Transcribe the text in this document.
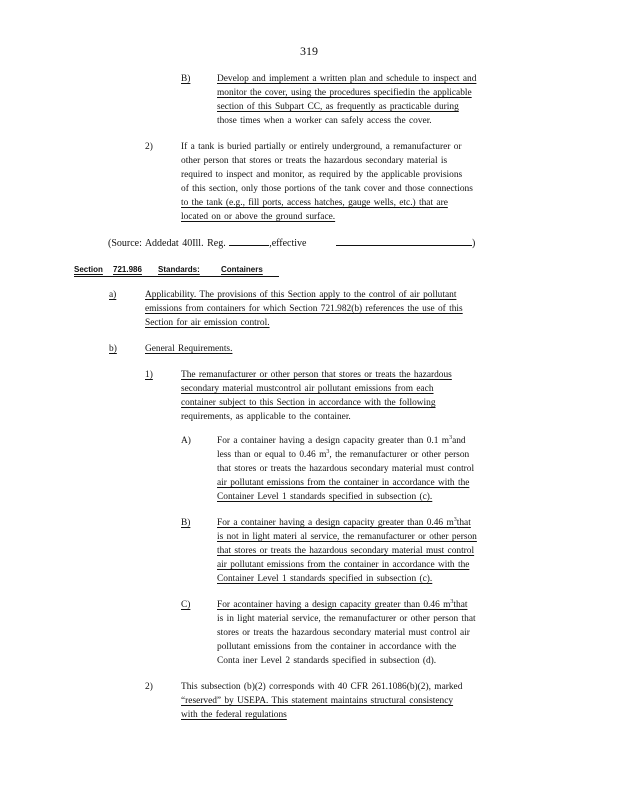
319
B)	Develop and implement a written plan and schedule to inspect and
monitor the cover, using the procedures specifiedin the applicable
section of this Subpart CC, as frequently as practicable during
those times when a worker can safely access the cover.
2)	If a tank is buried partially or entirely underground, a remanufacturer or
other person that stores or treats the hazardous secondary material is
required to inspect and monitor, as required by the applicable provisions
of this section, only those portions of the tank cover and those connections
to the tank (e.g., fill ports, access hatches, gauge wells, etc.) that are
located on or above the ground surface.
(Source: Addedat 40Ill. Reg.	,effective	)
Section 721.986 Standards:	Containers
a)	Applicability. The provisions of this Section apply to the control of air pollutant
emissions from containers for which Section 721.982(b) references the use of this
Section for air emission control.
b)	General Requirements.
1)	The remanufacturer or other person that stores or treats the hazardous
secondary material mustcontrol air pollutant emissions from each
container subject to this Section in accordance with the following
requirements, as applicable to the container.
A)	For a container having a design capacity greater than 0.1 $m^3and$
less than or equal to 0.46 $m^3$, the remanufacturer or other person
that stores or treats the hazardous secondary material must control
air pollutant emissions from the container in accordance with the
Container Level 1 standards specified in subsection (c).
B)	For a container having a design capacity greater than 0.46 $m^3that$
is not in light materi al service, the remanufacturer or other person
that stores or treats the hazardous secondary material must control
air pollutant emissions from the container in accordance with the
Container Level 1 standards specified in subsection (c).
C)	For acontainer having a design capacity greater than 0.46 $m^3that$
is in light material service, the remanufacturer or other person that
stores or treats the hazardous secondary material must control air
pollutant emissions from the container in accordance with the
Conta iner Level 2 standards specified in subsection (d).
2)	This subsection (b)(2) corresponds with 40 CFR 261.1086(b)(2), marked
“reserved” by USEPA. This statement maintains structural consistency
with the federal regulations
